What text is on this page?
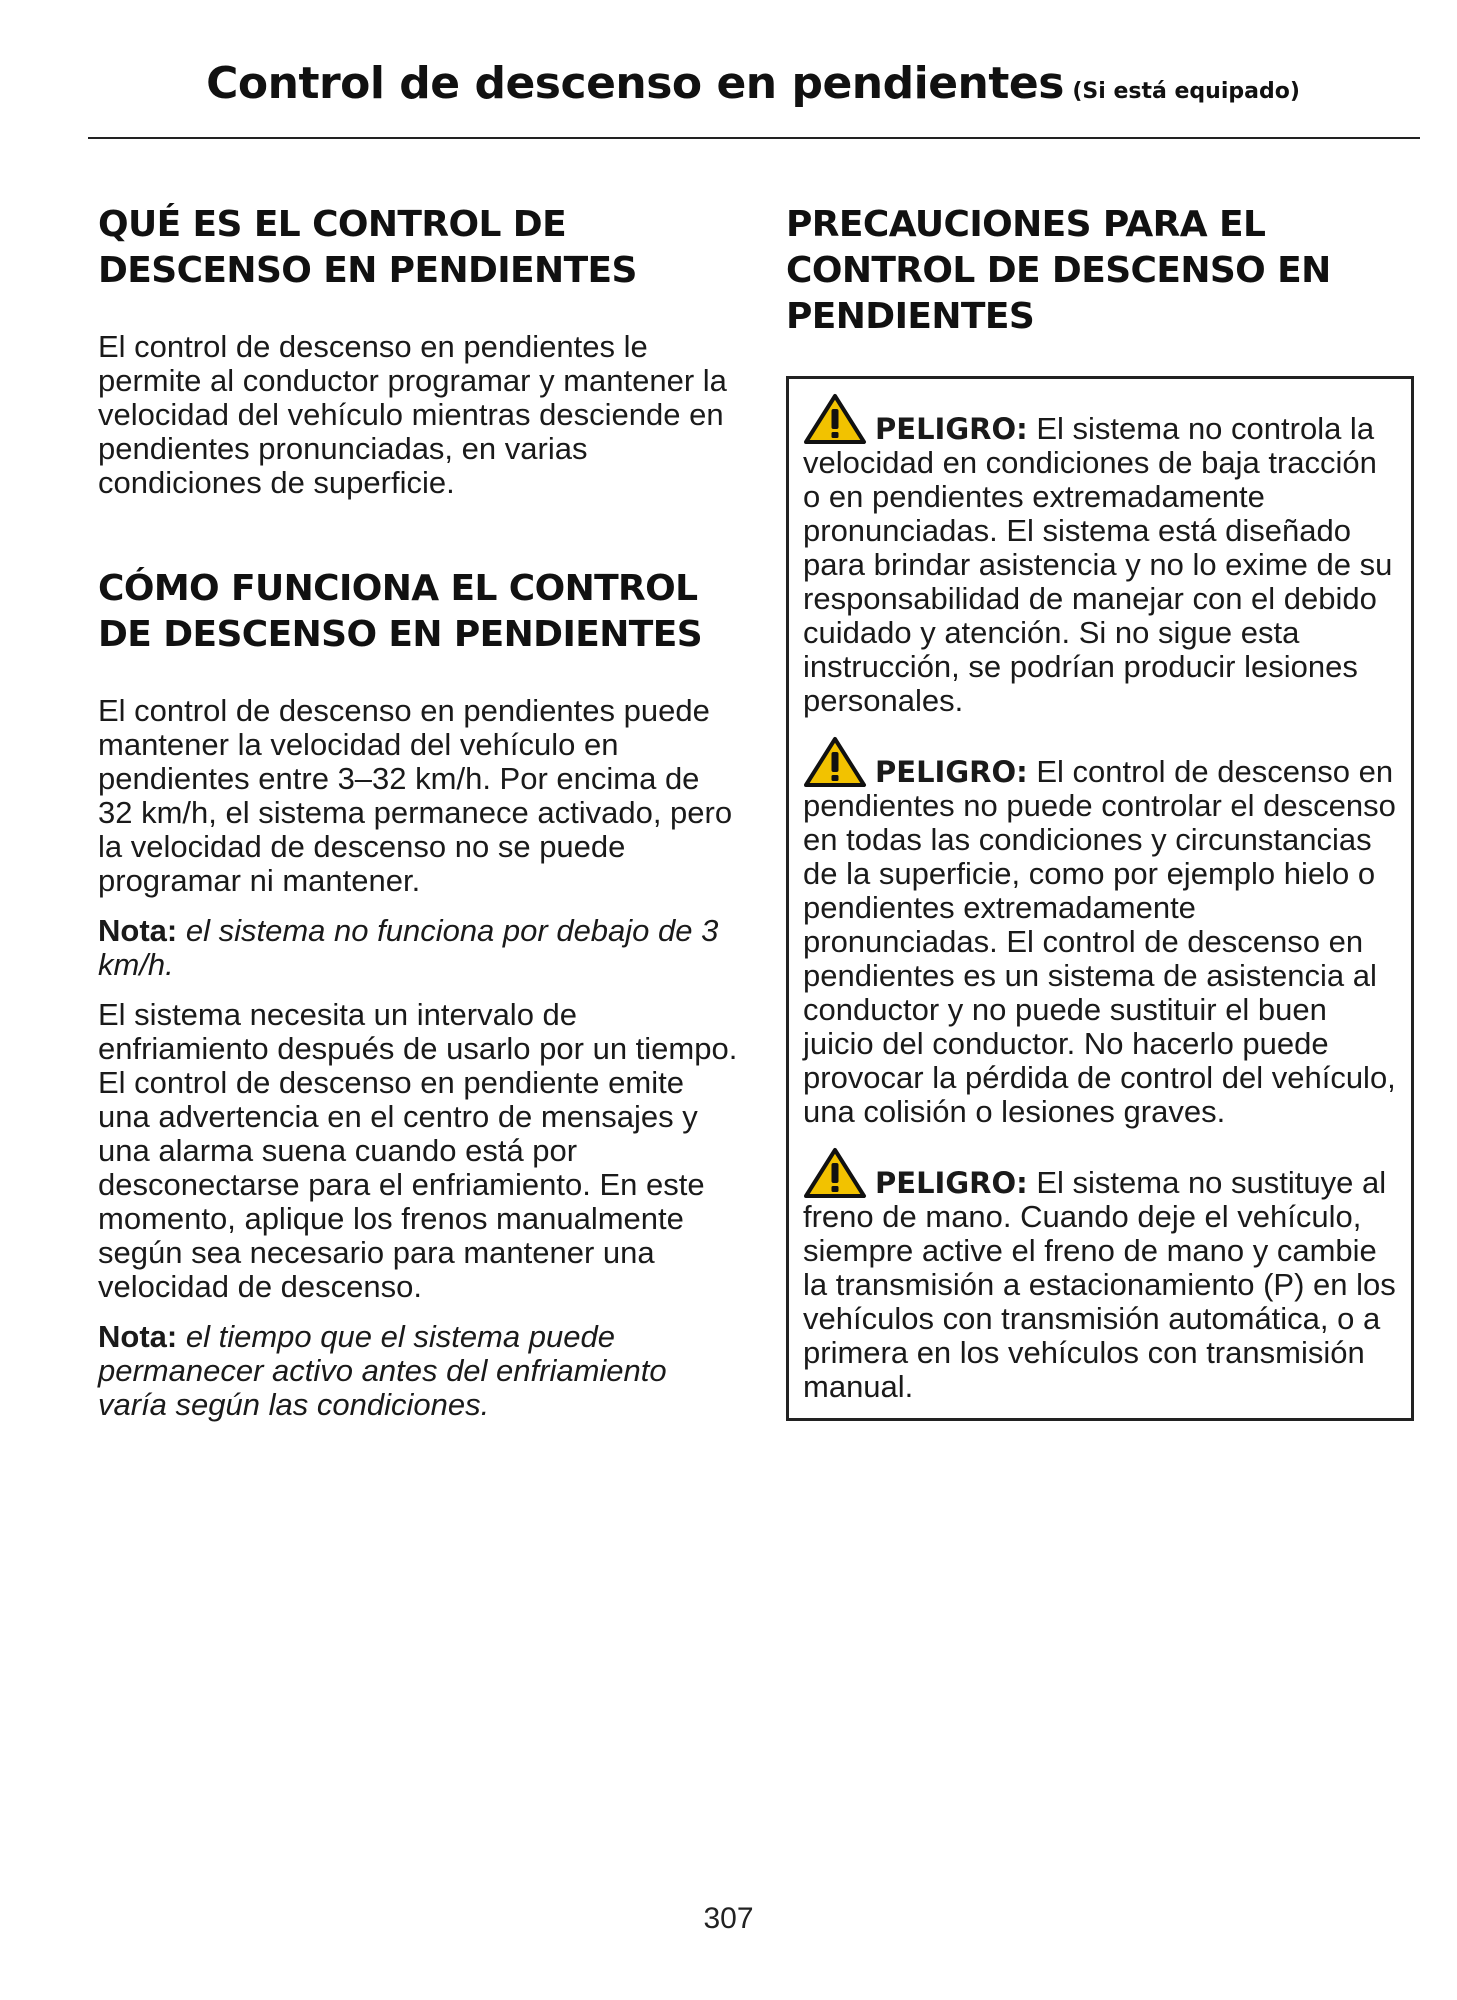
Control de descenso en pendientes (Si está equipado)
QUÉ ES EL CONTROL DE DESCENSO EN PENDIENTES

El control de descenso en pendientes le permite al conductor programar y mantener la velocidad del vehículo mientras desciende en pendientes pronunciadas, en varias condiciones de superficie.

CÓMO FUNCIONA EL CONTROL DE DESCENSO EN PENDIENTES

El control de descenso en pendientes puede mantener la velocidad del vehículo en pendientes entre 3–32 km/h. Por encima de 32 km/h, el sistema permanece activado, pero la velocidad de descenso no se puede programar ni mantener.

Nota: el sistema no funciona por debajo de 3 km/h.

El sistema necesita un intervalo de enfriamiento después de usarlo por un tiempo. El control de descenso en pendiente emite una advertencia en el centro de mensajes y una alarma suena cuando está por desconectarse para el enfriamiento. En este momento, aplique los frenos manualmente según sea necesario para mantener una velocidad de descenso.

Nota: el tiempo que el sistema puede permanecer activo antes del enfriamiento varía según las condiciones.

PRECAUCIONES PARA EL CONTROL DE DESCENSO EN PENDIENTES

PELIGRO: El sistema no controla la velocidad en condiciones de baja tracción o en pendientes extremadamente pronunciadas. El sistema está diseñado para brindar asistencia y no lo exime de su responsabilidad de manejar con el debido cuidado y atención. Si no sigue esta instrucción, se podrían producir lesiones personales.

PELIGRO: El control de descenso en pendientes no puede controlar el descenso en todas las condiciones y circunstancias de la superficie, como por ejemplo hielo o pendientes extremadamente pronunciadas. El control de descenso en pendientes es un sistema de asistencia al conductor y no puede sustituir el buen juicio del conductor. No hacerlo puede provocar la pérdida de control del vehículo, una colisión o lesiones graves.

PELIGRO: El sistema no sustituye al freno de mano. Cuando deje el vehículo, siempre active el freno de mano y cambie la transmisión a estacionamiento (P) en los vehículos con transmisión automática, o a primera en los vehículos con transmisión manual.

307
